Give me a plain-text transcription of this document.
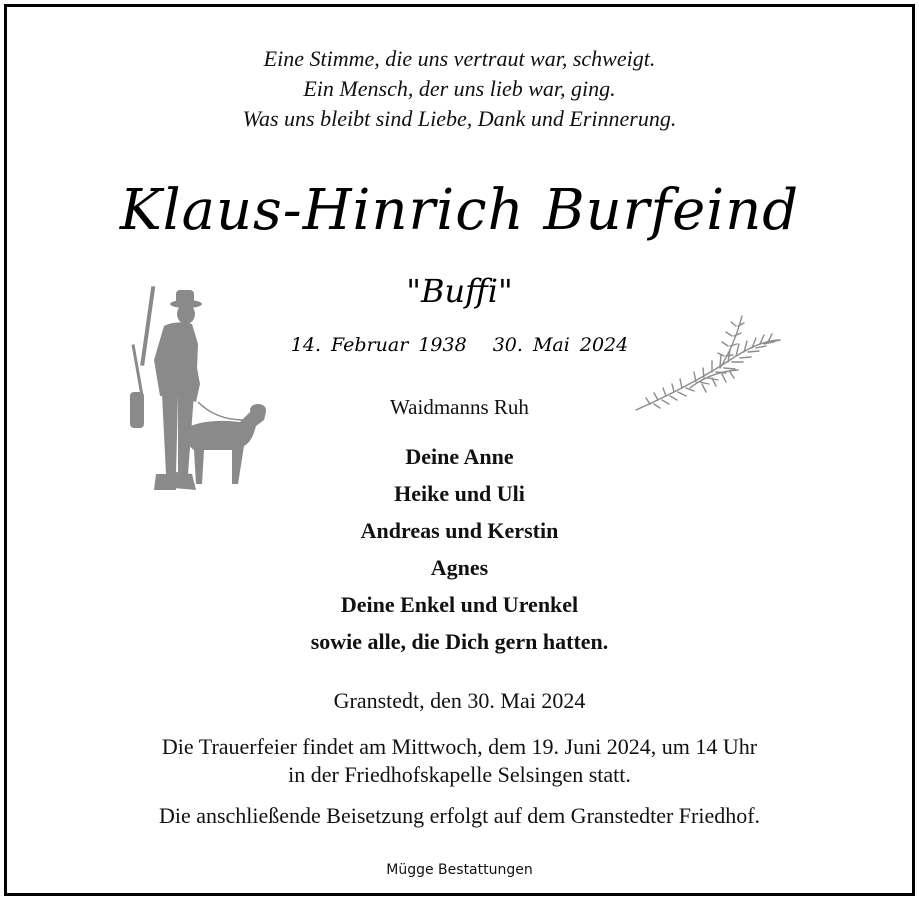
Eine Stimme, die uns vertraut war, schweigt.
Ein Mensch, der uns lieb war, ging.
Was uns bleibt sind Liebe, Dank und Erinnerung.
Klaus-Hinrich Burfeind
"Buffi"
14. Februar 1938 30. Mai 2024
Waidmanns Ruh
Deine Anne
Heike und Uli
Andreas und Kerstin
Agnes
Deine Enkel und Urenkel
sowie alle, die Dich gern hatten.
Granstedt, den 30. Mai 2024
Die Trauerfeier findet am Mittwoch, dem 19. Juni 2024, um 14 Uhr
in der Friedhofskapelle Selsingen statt.
Die anschließende Beisetzung erfolgt auf dem Granstedter Friedhof.
Mügge Bestattungen
